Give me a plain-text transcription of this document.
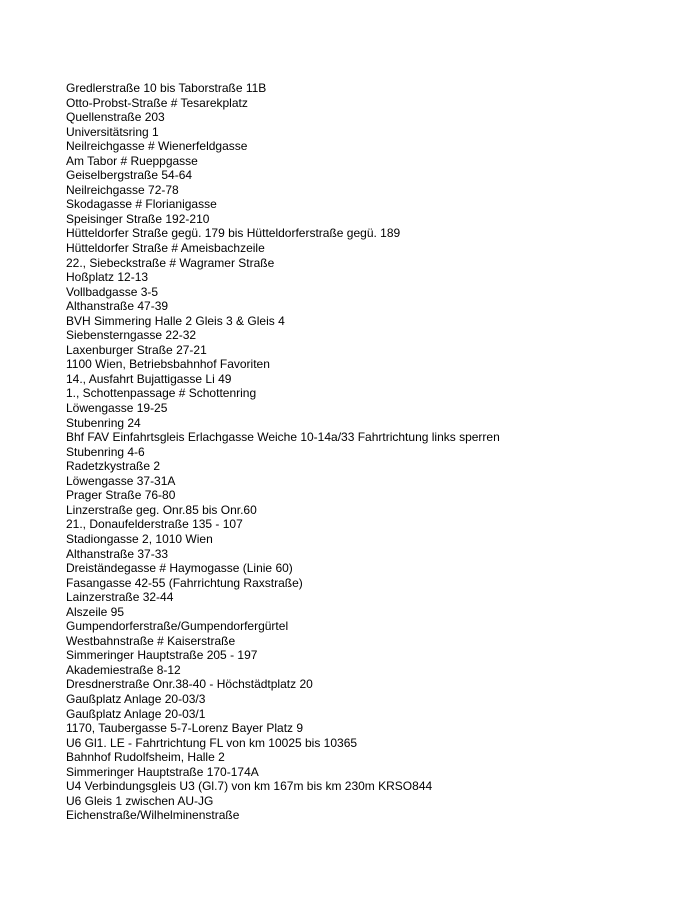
Gredlerstraße 10 bis Taborstraße 11B
Otto-Probst-Straße # Tesarekplatz
Quellenstraße 203
Universitätsring 1
Neilreichgasse # Wienerfeldgasse
Am Tabor # Rueppgasse
Geiselbergstraße 54-64
Neilreichgasse 72-78
Skodagasse # Florianigasse
Speisinger Straße 192-210
Hütteldorfer Straße gegü. 179 bis Hütteldorferstraße gegü. 189
Hütteldorfer Straße # Ameisbachzeile
22., Siebeckstraße # Wagramer Straße
Hoßplatz 12-13
Vollbadgasse 3-5
Althanstraße 47-39
BVH Simmering Halle 2 Gleis 3 & Gleis 4
Siebensterngasse 22-32
Laxenburger Straße 27-21
1100 Wien, Betriebsbahnhof Favoriten
14., Ausfahrt Bujattigasse Li 49
1., Schottenpassage # Schottenring
Löwengasse 19-25
Stubenring 24
Bhf FAV Einfahrtsgleis Erlachgasse Weiche 10-14a/33 Fahrtrichtung links sperren
Stubenring 4-6
Radetzkystraße 2
Löwengasse 37-31A
Prager Straße 76-80
Linzerstraße geg. Onr.85 bis Onr.60
21., Donaufelderstraße 135 - 107
Stadiongasse 2, 1010 Wien
Althanstraße 37-33
Dreiständegasse # Haymogasse (Linie 60)
Fasangasse 42-55 (Fahrrichtung Raxstraße)
Lainzerstraße 32-44
Alszeile 95
Gumpendorferstraße/Gumpendorfergürtel
Westbahnstraße # Kaiserstraße
Simmeringer Hauptstraße 205 - 197
Akademiestraße 8-12
Dresdnerstraße Onr.38-40 - Höchstädtplatz 20
Gaußplatz Anlage 20-03/3
Gaußplatz Anlage 20-03/1
1170, Taubergasse 5-7-Lorenz Bayer Platz 9
U6 Gl1. LE - Fahrtrichtung FL von km 10025 bis 10365
Bahnhof Rudolfsheim, Halle 2
Simmeringer Hauptstraße 170-174A
U4 Verbindungsgleis U3 (Gl.7) von km 167m bis km 230m KRSO844
U6 Gleis 1 zwischen AU-JG
Eichenstraße/Wilhelminenstraße
